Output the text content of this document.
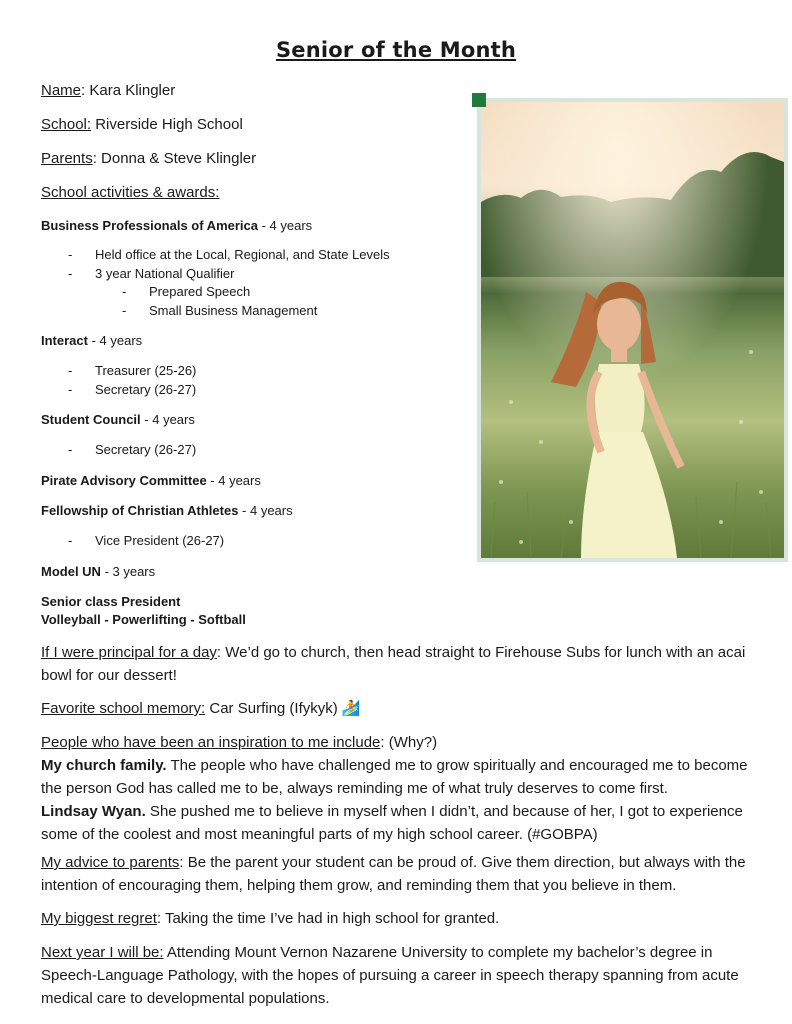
Senior of the Month
Name: Kara Klingler
School: Riverside High School
Parents: Donna & Steve Klingler
School activities & awards:
Business Professionals of America - 4 years
- Held office at the Local, Regional, and State Levels
- 3 year National Qualifier
- Prepared Speech
- Small Business Management
Interact - 4 years
- Treasurer (25-26)
- Secretary (26-27)
Student Council - 4 years
- Secretary (26-27)
Pirate Advisory Committee - 4 years
Fellowship of Christian Athletes - 4 years
- Vice President (26-27)
Model UN - 3 years
Senior class President
Volleyball - Powerlifting - Softball
If I were principal for a day: We’d go to church, then head straight to Firehouse Subs for lunch with an acai bowl for our dessert!
Favorite school memory: Car Surfing (Ifykyk) 🏄
People who have been an inspiration to me include: (Why?)
My church family. The people who have challenged me to grow spiritually and encouraged me to become the person God has called me to be, always reminding me of what truly deserves to come first.
Lindsay Wyan. She pushed me to believe in myself when I didn’t, and because of her, I got to experience some of the coolest and most meaningful parts of my high school career. (#GOBPA)
My advice to parents: Be the parent your student can be proud of. Give them direction, but always with the intention of encouraging them, helping them grow, and reminding them that you believe in them.
My biggest regret: Taking the time I’ve had in high school for granted.
Next year I will be: Attending Mount Vernon Nazarene University to complete my bachelor’s degree in Speech-Language Pathology, with the hopes of pursuing a career in speech therapy spanning from acute medical care to developmental populations.
